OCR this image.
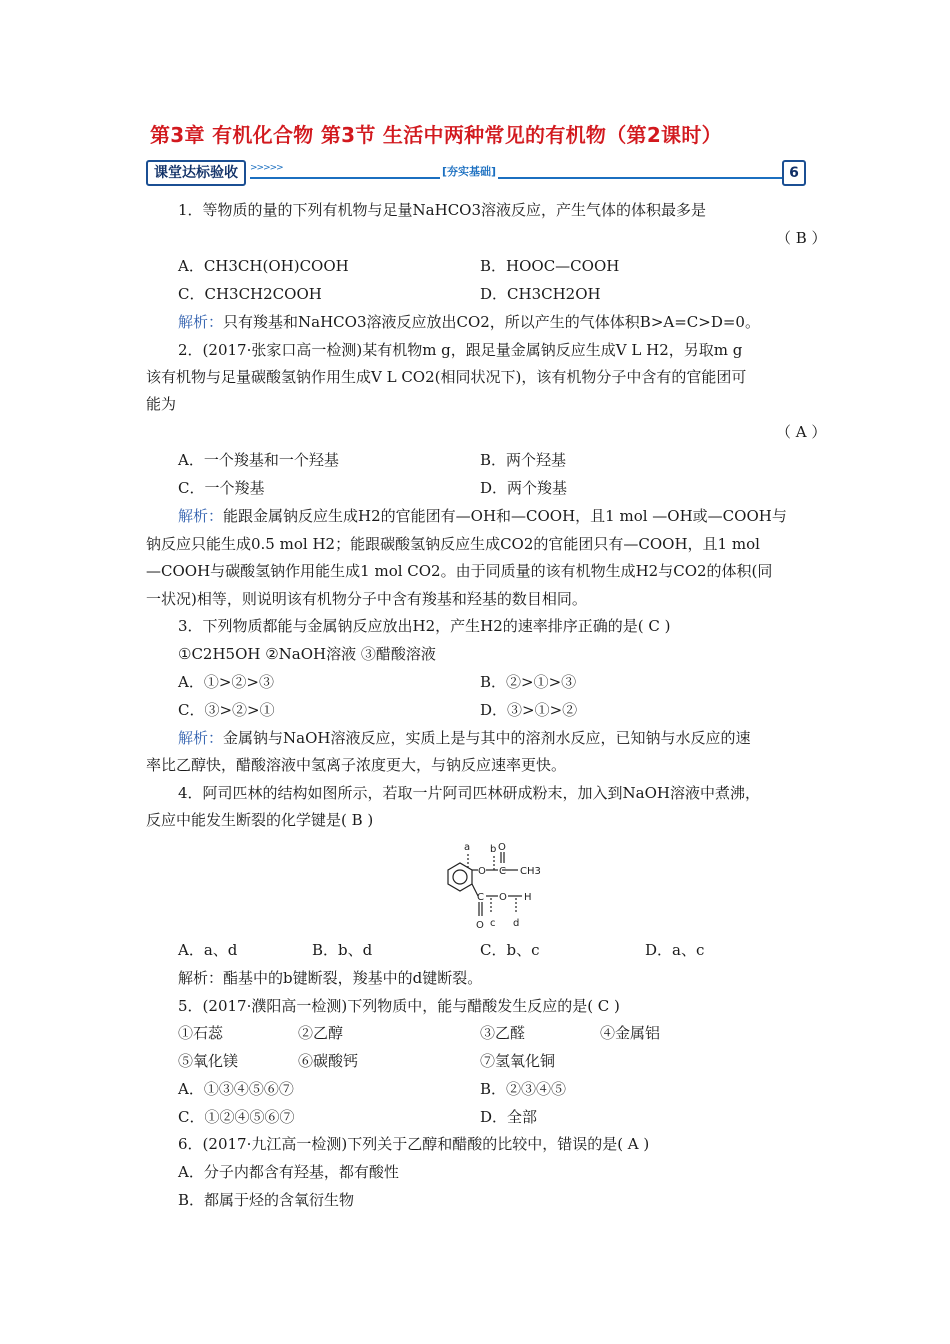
第3章 有机化合物 第3节 生活中两种常见的有机物（第2课时）
课堂达标验收	>>>>>	[夯实基础]	6
1．等物质的量的下列有机物与足量NaHCO3溶液反应，产生气体的体积最多是
（ B ）
A．CH3CH(OH)COOH	B．HOOC—COOH
C．CH3CH2COOH	D．CH3CH2OH
解析：只有羧基和NaHCO3溶液反应放出CO2，所以产生的气体体积B>A=C>D=0。
2．(2017·张家口高一检测)某有机物m g，跟足量金属钠反应生成V L H2，另取m g
该有机物与足量碳酸氢钠作用生成V L CO2(相同状况下)，该有机物分子中含有的官能团可
能为
（ A ）
A．一个羧基和一个羟基	B．两个羟基
C．一个羧基	D．两个羧基
解析：能跟金属钠反应生成H2的官能团有—OH和—COOH，且1 mol —OH或—COOH与
钠反应只能生成0.5 mol H2；能跟碳酸氢钠反应生成CO2的官能团只有—COOH，且1 mol
—COOH与碳酸氢钠作用能生成1 mol CO2。由于同质量的该有机物生成H2与CO2的体积(同
一状况)相等，则说明该有机物分子中含有羧基和羟基的数目相同。
3．下列物质都能与金属钠反应放出H2，产生H2的速率排序正确的是( C )
①C2H5OH ②NaOH溶液 ③醋酸溶液
A．①>②>③	B．②>①>③
C．③>②>①	D．③>①>②
解析：金属钠与NaOH溶液反应，实质上是与其中的溶剂水反应，已知钠与水反应的速
率比乙醇快，醋酸溶液中氢离子浓度更大，与钠反应速率更快。
4．阿司匹林的结构如图所示，若取一片阿司匹林研成粉末，加入到NaOH溶液中煮沸，
反应中能发生断裂的化学键是( B )
a b
O C
O
CH3
C O H
O c d
A．a、d	B．b、d	C．b、c	D．a、c
解析：酯基中的b键断裂，羧基中的d键断裂。
5．(2017·濮阳高一检测)下列物质中，能与醋酸发生反应的是( C )
①石蕊	②乙醇	③乙醛	④金属铝
⑤氧化镁	⑥碳酸钙	⑦氢氧化铜
A．①③④⑤⑥⑦	B．②③④⑤
C．①②④⑤⑥⑦	D．全部
6．(2017·九江高一检测)下列关于乙醇和醋酸的比较中，错误的是( A )
A．分子内都含有羟基，都有酸性
B．都属于烃的含氧衍生物
